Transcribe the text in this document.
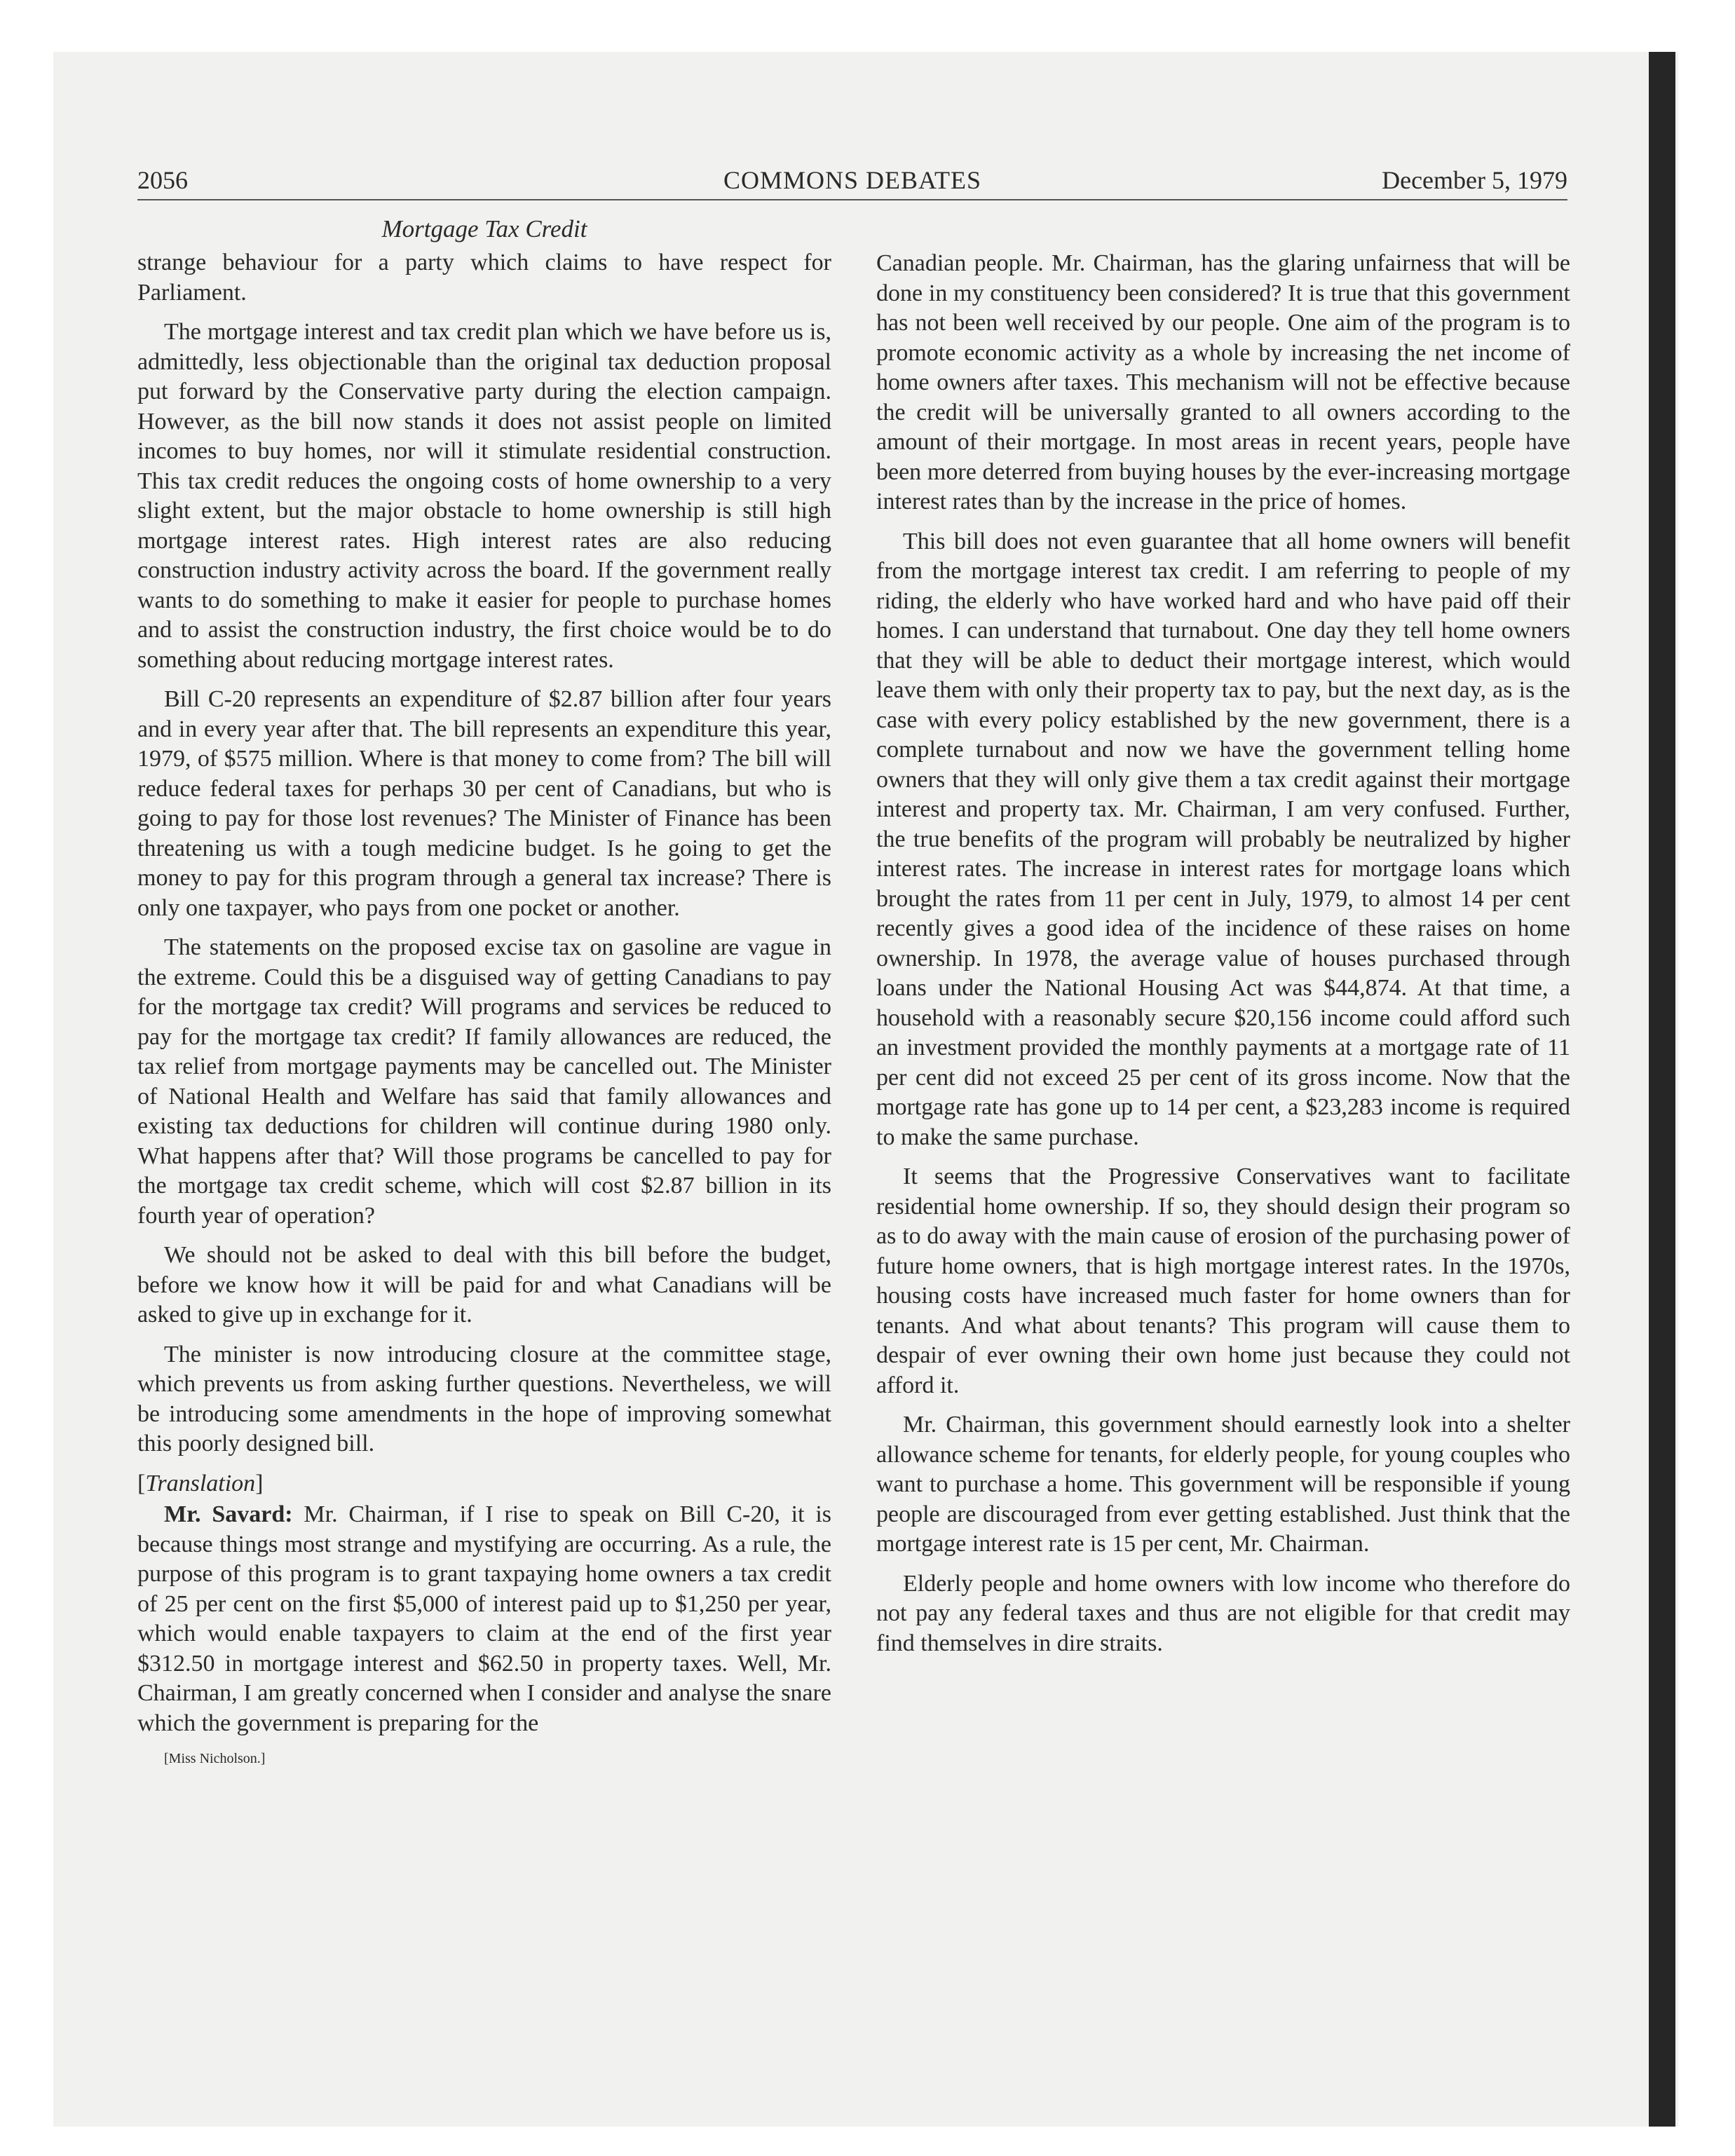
2056	COMMONS DEBATES	December 5, 1979
Mortgage Tax Credit

strange behaviour for a party which claims to have respect for Parliament.

The mortgage interest and tax credit plan which we have before us is, admittedly, less objectionable than the original tax deduction proposal put forward by the Conservative party during the election campaign. However, as the bill now stands it does not assist people on limited incomes to buy homes, nor will it stimulate residential construction. This tax credit reduces the ongoing costs of home ownership to a very slight extent, but the major obstacle to home ownership is still high mortgage interest rates. High interest rates are also reducing construction industry activity across the board. If the government really wants to do something to make it easier for people to purchase homes and to assist the construction industry, the first choice would be to do something about reducing mortgage interest rates.

Bill C-20 represents an expenditure of $2.87 billion after four years and in every year after that. The bill represents an expenditure this year, 1979, of $575 million. Where is that money to come from? The bill will reduce federal taxes for perhaps 30 per cent of Canadians, but who is going to pay for those lost revenues? The Minister of Finance has been threatening us with a tough medicine budget. Is he going to get the money to pay for this program through a general tax increase? There is only one taxpayer, who pays from one pocket or another.

The statements on the proposed excise tax on gasoline are vague in the extreme. Could this be a disguised way of getting Canadians to pay for the mortgage tax credit? Will programs and services be reduced to pay for the mortgage tax credit? If family allowances are reduced, the tax relief from mortgage payments may be cancelled out. The Minister of National Health and Welfare has said that family allowances and existing tax deductions for children will continue during 1980 only. What happens after that? Will those programs be cancelled to pay for the mortgage tax credit scheme, which will cost $2.87 billion in its fourth year of operation?

We should not be asked to deal with this bill before the budget, before we know how it will be paid for and what Canadians will be asked to give up in exchange for it.

The minister is now introducing closure at the committee stage, which prevents us from asking further questions. Nevertheless, we will be introducing some amendments in the hope of improving somewhat this poorly designed bill.

[Translation]

Mr. Savard: Mr. Chairman, if I rise to speak on Bill C-20, it is because things most strange and mystifying are occurring. As a rule, the purpose of this program is to grant taxpaying home owners a tax credit of 25 per cent on the first $5,000 of interest paid up to $1,250 per year, which would enable taxpayers to claim at the end of the first year $312.50 in mortgage interest and $62.50 in property taxes. Well, Mr. Chairman, I am greatly concerned when I consider and analyse the snare which the government is preparing for the

[Miss Nicholson.]

Canadian people. Mr. Chairman, has the glaring unfairness that will be done in my constituency been considered? It is true that this government has not been well received by our people. One aim of the program is to promote economic activity as a whole by increasing the net income of home owners after taxes. This mechanism will not be effective because the credit will be universally granted to all owners according to the amount of their mortgage. In most areas in recent years, people have been more deterred from buying houses by the ever-increasing mortgage interest rates than by the increase in the price of homes.

This bill does not even guarantee that all home owners will benefit from the mortgage interest tax credit. I am referring to people of my riding, the elderly who have worked hard and who have paid off their homes. I can understand that turnabout. One day they tell home owners that they will be able to deduct their mortgage interest, which would leave them with only their property tax to pay, but the next day, as is the case with every policy established by the new government, there is a complete turnabout and now we have the government telling home owners that they will only give them a tax credit against their mortgage interest and property tax. Mr. Chairman, I am very confused. Further, the true benefits of the program will probably be neutralized by higher interest rates. The increase in interest rates for mortgage loans which brought the rates from 11 per cent in July, 1979, to almost 14 per cent recently gives a good idea of the incidence of these raises on home ownership. In 1978, the average value of houses purchased through loans under the National Housing Act was $44,874. At that time, a household with a reasonably secure $20,156 income could afford such an investment provided the monthly payments at a mortgage rate of 11 per cent did not exceed 25 per cent of its gross income. Now that the mortgage rate has gone up to 14 per cent, a $23,283 income is required to make the same purchase.

It seems that the Progressive Conservatives want to facilitate residential home ownership. If so, they should design their program so as to do away with the main cause of erosion of the purchasing power of future home owners, that is high mortgage interest rates. In the 1970s, housing costs have increased much faster for home owners than for tenants. And what about tenants? This program will cause them to despair of ever owning their own home just because they could not afford it.

Mr. Chairman, this government should earnestly look into a shelter allowance scheme for tenants, for elderly people, for young couples who want to purchase a home. This government will be responsible if young people are discouraged from ever getting established. Just think that the mortgage interest rate is 15 per cent, Mr. Chairman.

Elderly people and home owners with low income who therefore do not pay any federal taxes and thus are not eligible for that credit may find themselves in dire straits.
